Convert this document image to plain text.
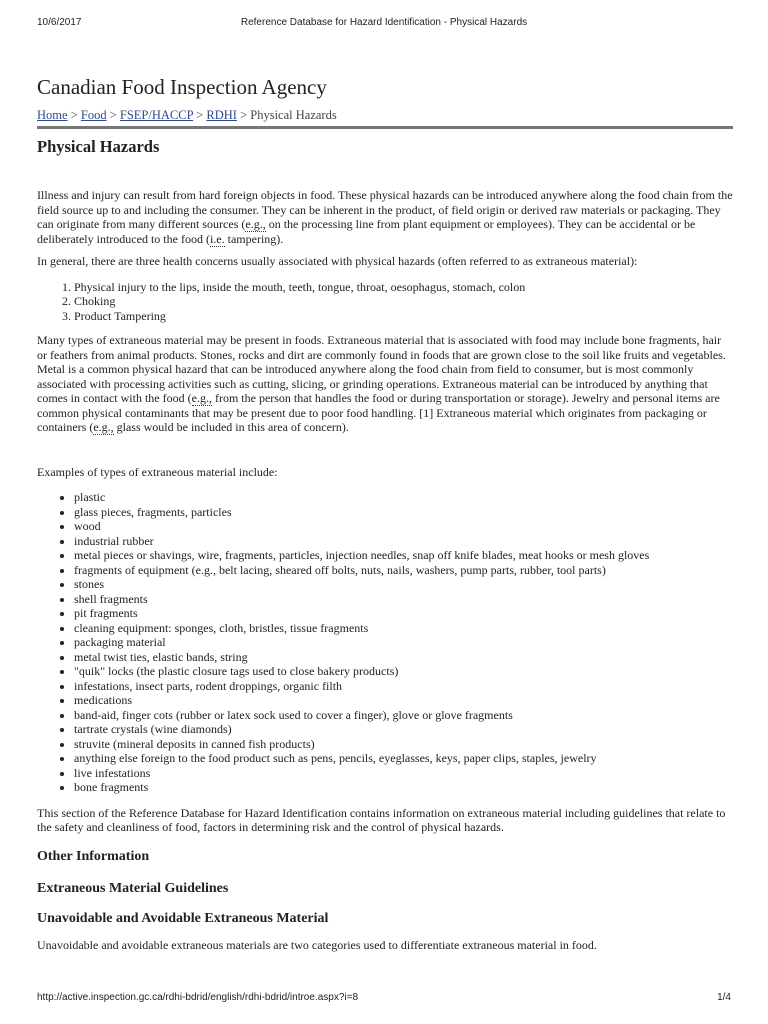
10/6/2017	Reference Database for Hazard Identification - Physical Hazards
Canadian Food Inspection Agency
Home > Food > FSEP/HACCP > RDHI > Physical Hazards
Physical Hazards

Illness and injury can result from hard foreign objects in food. These physical hazards can be introduced anywhere along the food chain from the field source up to and including the consumer. They can be inherent in the product, of field origin or derived raw materials or packaging. They can originate from many different sources (e.g., on the processing line from plant equipment or employees). They can be accidental or be deliberately introduced to the food (i.e. tampering).

In general, there are three health concerns usually associated with physical hazards (often referred to as extraneous material):

1. Physical injury to the lips, inside the mouth, teeth, tongue, throat, oesophagus, stomach, colon
2. Choking
3. Product Tampering

Many types of extraneous material may be present in foods. Extraneous material that is associated with food may include bone fragments, hair or feathers from animal products. Stones, rocks and dirt are commonly found in foods that are grown close to the soil like fruits and vegetables. Metal is a common physical hazard that can be introduced anywhere along the food chain from field to consumer, but is most commonly associated with processing activities such as cutting, slicing, or grinding operations. Extraneous material can be introduced by anything that comes in contact with the food (e.g., from the person that handles the food or during transportation or storage). Jewelry and personal items are common physical contaminants that may be present due to poor food handling. [1] Extraneous material which originates from packaging or containers (e.g., glass would be included in this area of concern).

Examples of types of extraneous material include:

• plastic
• glass pieces, fragments, particles
• wood
• industrial rubber
• metal pieces or shavings, wire, fragments, particles, injection needles, snap off knife blades, meat hooks or mesh gloves
• fragments of equipment (e.g., belt lacing, sheared off bolts, nuts, nails, washers, pump parts, rubber, tool parts)
• stones
• shell fragments
• pit fragments
• cleaning equipment: sponges, cloth, bristles, tissue fragments
• packaging material
• metal twist ties, elastic bands, string
• "quik" locks (the plastic closure tags used to close bakery products)
• infestations, insect parts, rodent droppings, organic filth
• medications
• band-aid, finger cots (rubber or latex sock used to cover a finger), glove or glove fragments
• tartrate crystals (wine diamonds)
• struvite (mineral deposits in canned fish products)
• anything else foreign to the food product such as pens, pencils, eyeglasses, keys, paper clips, staples, jewelry
• live infestations
• bone fragments

This section of the Reference Database for Hazard Identification contains information on extraneous material including guidelines that relate to the safety and cleanliness of food, factors in determining risk and the control of physical hazards.

Other Information
Extraneous Material Guidelines
Unavoidable and Avoidable Extraneous Material

Unavoidable and avoidable extraneous materials are two categories used to differentiate extraneous material in food.

http://active.inspection.gc.ca/rdhi-bdrid/english/rdhi-bdrid/introe.aspx?i=8	1/4
